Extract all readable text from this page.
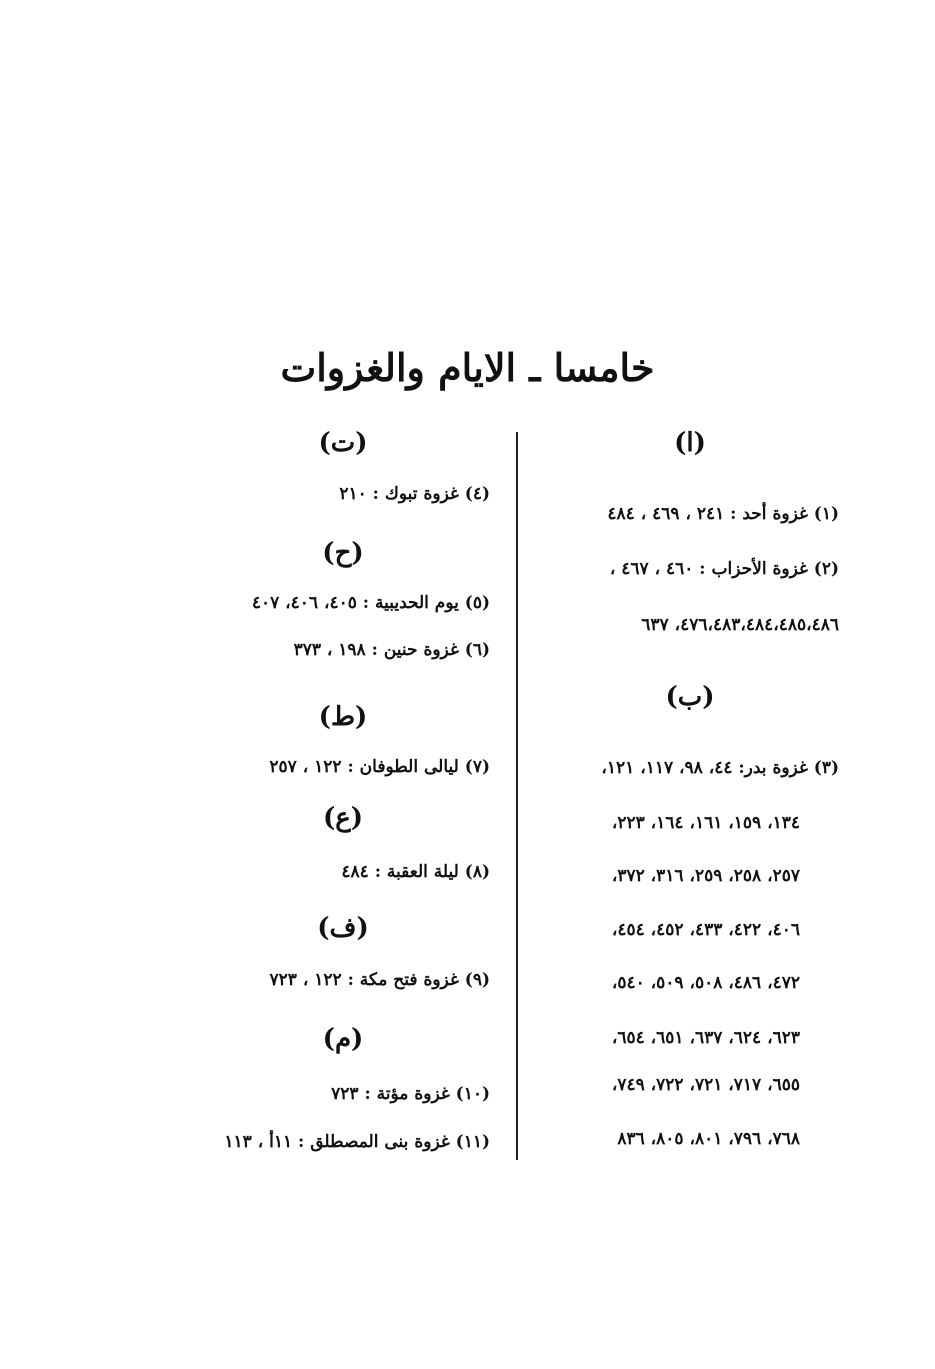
خامسا ـ الايام والغزوات
(ا)
(١) غزوة أحد : ٢٤١ ، ٤٦٩ ، ٤٨٤
(٢) غزوة الأحزاب : ٤٦٠ ، ٤٦٧ ،
٤٧٦،٤٨٣،٤٨٤،٤٨٥،٤٨٦، ٦٣٧
(ب)
(٣) غزوة بدر: ٤٤، ٩٨، ١١٧، ١٢١،
١٣٤، ١٥٩، ١٦١، ١٦٤، ٢٢٣،
٢٥٧، ٢٥٨، ٢٥٩، ٣١٦، ٣٧٢،
٤٠٦، ٤٢٢، ٤٣٣، ٤٥٢، ٤٥٤،
٤٧٢، ٤٨٦، ٥٠٨، ٥٠٩، ٥٤٠،
٦٢٣، ٦٢٤، ٦٣٧، ٦٥١، ٦٥٤،
٦٥٥، ٧١٧، ٧٢١، ٧٢٢، ٧٤٩،
٧٦٨، ٧٩٦، ٨٠١، ٨٠٥، ٨٣٦
(ت)
(٤) غزوة تبوك : ٢١٠
(ح)
(٥) يوم الحديبية : ٤٠٥، ٤٠٦، ٤٠٧
(٦) غزوة حنين : ١٩٨ ، ٣٧٣
(ط)
(٧) ليالى الطوفان : ١٢٢ ، ٢٥٧
(ع)
(٨) ليلة العقبة : ٤٨٤
(ف)
(٩) غزوة فتح مكة : ١٢٢ ، ٧٢٣
(م)
(١٠) غزوة مؤتة : ٧٢٣
(١١) غزوة بنى المصطلق : ١١أ ، ١١٣
